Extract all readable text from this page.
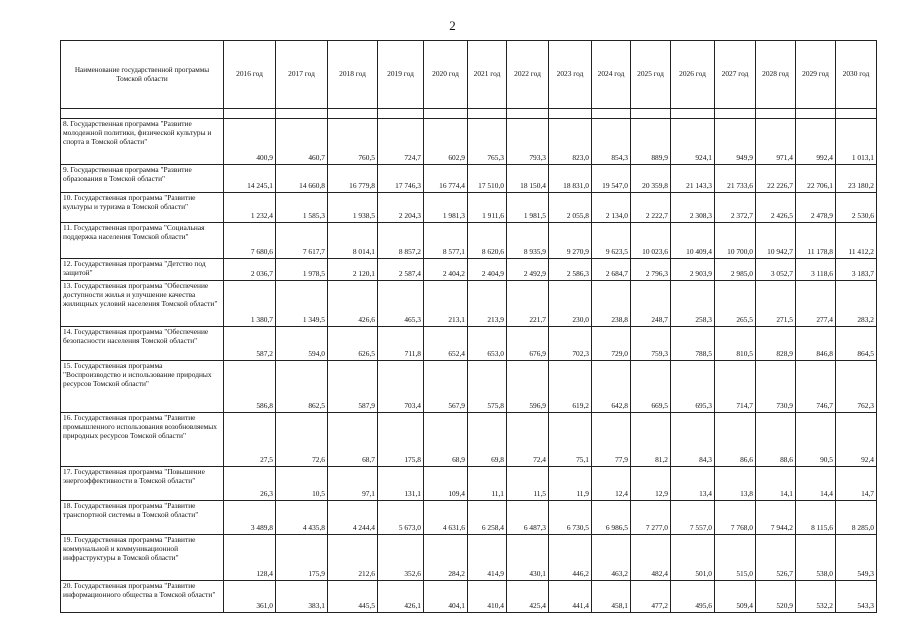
2
Наименование государственной программы Томской области	2016 год	2017 год	2018 год	2019 год	2020 год	2021 год	2022 год	2023 год	2024 год	2025 год	2026 год	2027 год	2028 год	2029 год	2030 год

8. Государственная программа "Развитие молодежной политики, физической культуры и спорта в Томской области"	400,9	460,7	760,5	724,7	602,9	765,3	793,3	823,0	854,3	889,9	924,1	949,9	971,4	992,4	1 013,1
9. Государственная программа "Развитие образования в Томской области"	14 245,1	14 660,8	16 779,8	17 746,3	16 774,4	17 510,0	18 150,4	18 831,0	19 547,0	20 359,8	21 143,3	21 733,6	22 226,7	22 706,1	23 180,2
10. Государственная программа "Развитие культуры и туризма в Томской области"	1 232,4	1 585,3	1 938,5	2 204,3	1 981,3	1 911,6	1 981,5	2 055,8	2 134,0	2 222,7	2 308,3	2 372,7	2 426,5	2 478,9	2 530,6
11. Государственная программа "Социальная поддержка населения Томской области"	7 680,6	7 617,7	8 014,1	8 857,2	8 577,1	8 620,6	8 935,9	9 270,9	9 623,5	10 023,6	10 409,4	10 700,0	10 942,7	11 178,8	11 412,2
12. Государственная программа "Детство под защитой"	2 036,7	1 978,5	2 120,1	2 587,4	2 404,2	2 404,9	2 492,9	2 586,3	2 684,7	2 796,3	2 903,9	2 985,0	3 052,7	3 118,6	3 183,7
13. Государственная программа "Обеспечение доступности жилья и улучшение качества жилищных условий населения Томской области"	1 380,7	1 349,5	426,6	465,3	213,1	213,9	221,7	230,0	238,8	248,7	258,3	265,5	271,5	277,4	283,2
14. Государственная программа "Обеспечение безопасности населения Томской области"	587,2	594,0	626,5	711,8	652,4	653,0	676,9	702,3	729,0	759,3	788,5	810,5	828,9	846,8	864,5
15. Государственная программа "Воспроизводство и использование природных ресурсов Томской области"	586,8	862,5	587,9	703,4	567,9	575,8	596,9	619,2	642,8	669,5	695,3	714,7	730,9	746,7	762,3
16. Государственная программа "Развитие промышленного использования возобновляемых природных ресурсов Томской области"	27,5	72,6	68,7	175,8	68,9	69,8	72,4	75,1	77,9	81,2	84,3	86,6	88,6	90,5	92,4
17. Государственная программа "Повышение энергоэффективности в Томской области"	26,3	10,5	97,1	131,1	109,4	11,1	11,5	11,9	12,4	12,9	13,4	13,8	14,1	14,4	14,7
18. Государственная программа "Развитие транспортной системы в Томской области"	3 489,8	4 435,8	4 244,4	5 673,0	4 631,6	6 258,4	6 487,3	6 730,5	6 986,5	7 277,0	7 557,0	7 768,0	7 944,2	8 115,6	8 285,0
19. Государственная программа "Развитие коммунальной и коммуникационной инфраструктуры в Томской области"	128,4	175,9	212,6	352,6	284,2	414,9	430,1	446,2	463,2	482,4	501,0	515,0	526,7	538,0	549,3
20. Государственная программа "Развитие информационного общества в Томской области"	361,0	383,1	445,5	426,1	404,1	410,4	425,4	441,4	458,1	477,2	495,6	509,4	520,9	532,2	543,3
